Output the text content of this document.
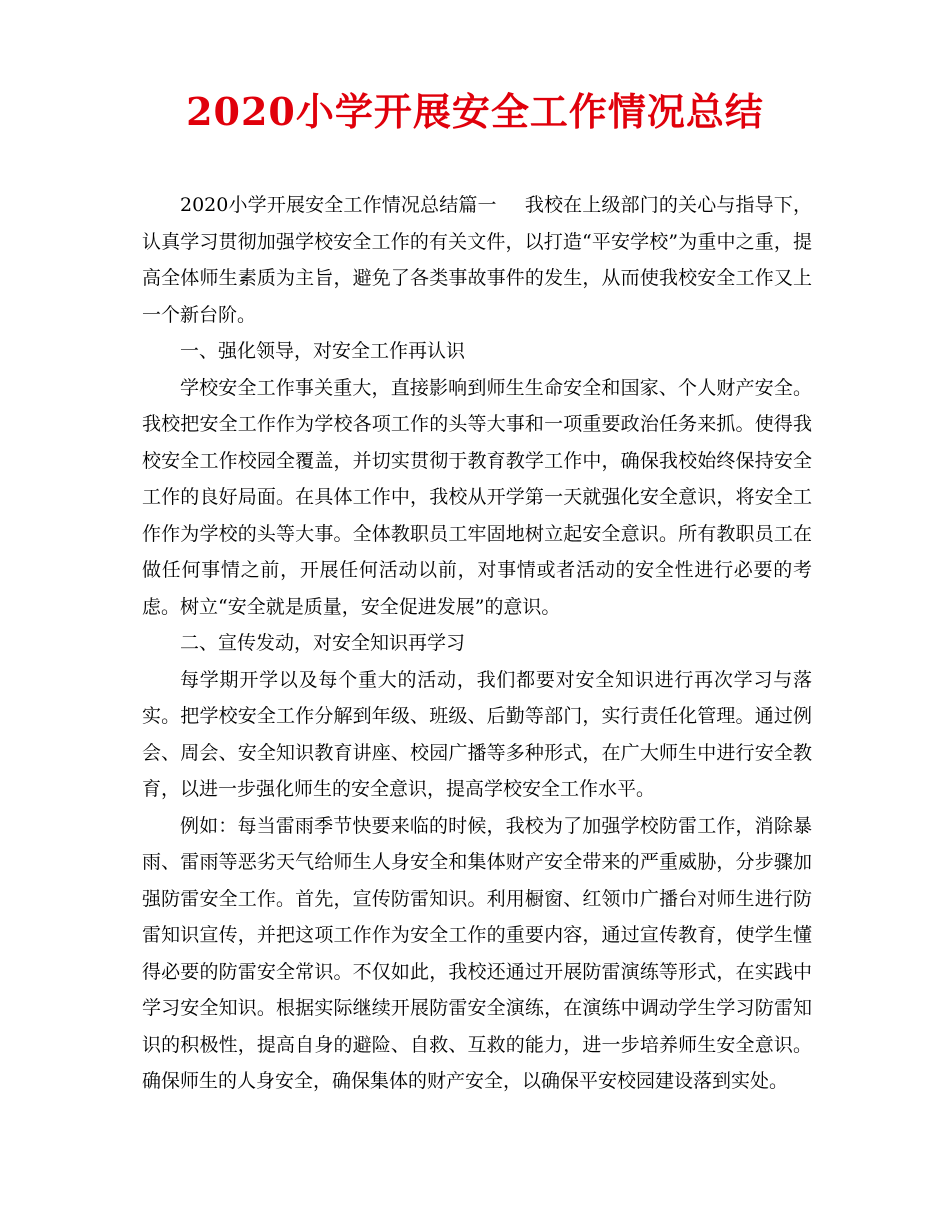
2020小学开展安全工作情况总结

2020小学开展安全工作情况总结篇一 我校在上级部门的关心与指导下，认真学习贯彻加强学校安全工作的有关文件，以打造“平安学校”为重中之重，提高全体师生素质为主旨，避免了各类事故事件的发生，从而使我校安全工作又上一个新台阶。

一、强化领导，对安全工作再认识

学校安全工作事关重大，直接影响到师生生命安全和国家、个人财产安全。我校把安全工作作为学校各项工作的头等大事和一项重要政治任务来抓。使得我校安全工作校园全覆盖，并切实贯彻于教育教学工作中，确保我校始终保持安全工作的良好局面。在具体工作中，我校从开学第一天就强化安全意识，将安全工作作为学校的头等大事。全体教职员工牢固地树立起安全意识。所有教职员工在做任何事情之前，开展任何活动以前，对事情或者活动的安全性进行必要的考虑。树立“安全就是质量，安全促进发展”的意识。

二、宣传发动，对安全知识再学习

每学期开学以及每个重大的活动，我们都要对安全知识进行再次学习与落实。把学校安全工作分解到年级、班级、后勤等部门，实行责任化管理。通过例会、周会、安全知识教育讲座、校园广播等多种形式，在广大师生中进行安全教育，以进一步强化师生的安全意识，提高学校安全工作水平。

例如：每当雷雨季节快要来临的时候，我校为了加强学校防雷工作，消除暴雨、雷雨等恶劣天气给师生人身安全和集体财产安全带来的严重威胁，分步骤加强防雷安全工作。首先，宣传防雷知识。利用橱窗、红领巾广播台对师生进行防雷知识宣传，并把这项工作作为安全工作的重要内容，通过宣传教育，使学生懂得必要的防雷安全常识。不仅如此，我校还通过开展防雷演练等形式，在实践中学习安全知识。根据实际继续开展防雷安全演练，在演练中调动学生学习防雷知识的积极性，提高自身的避险、自救、互救的能力，进一步培养师生安全意识。确保师生的人身安全，确保集体的财产安全，以确保平安校园建设落到实处。
